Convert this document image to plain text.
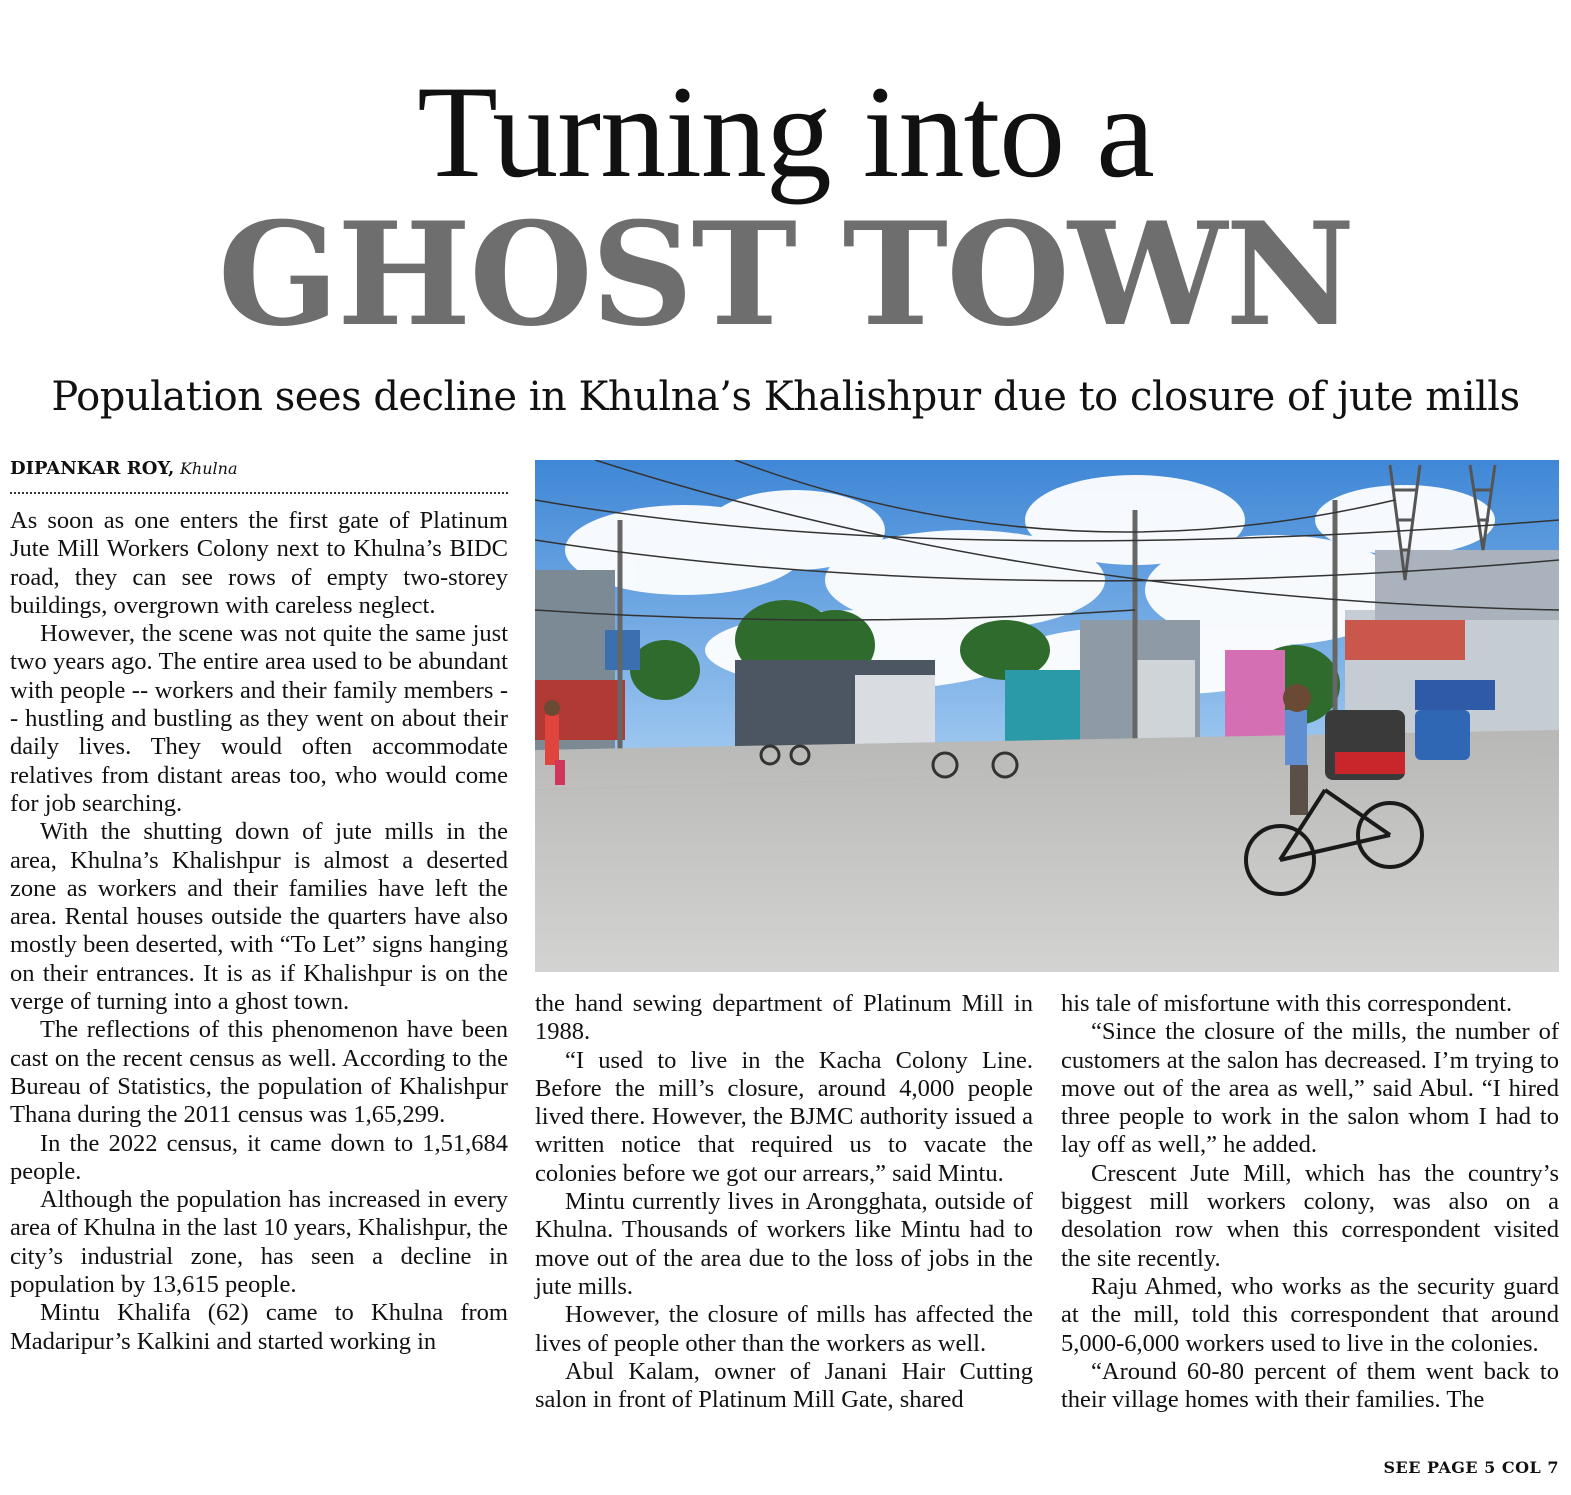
Turning into a
GHOST TOWN
Population sees decline in Khulna’s Khalishpur due to closure of jute mills
DIPANKAR ROY, Khulna

As soon as one enters the first gate of Platinum Jute Mill Workers Colony next to Khulna’s BIDC road, they can see rows of empty two-storey buildings, overgrown with careless neglect.

However, the scene was not quite the same just two years ago. The entire area used to be abundant with people -- workers and their family members -- hustling and bustling as they went on about their daily lives. They would often accommodate relatives from distant areas too, who would come for job searching.

With the shutting down of jute mills in the area, Khulna’s Khalishpur is almost a deserted zone as workers and their families have left the area. Rental houses outside the quarters have also mostly been deserted, with “To Let” signs hanging on their entrances. It is as if Khalishpur is on the verge of turning into a ghost town.

The reflections of this phenomenon have been cast on the recent census as well. According to the Bureau of Statistics, the population of Khalishpur Thana during the 2011 census was 1,65,299.

In the 2022 census, it came down to 1,51,684 people.

Although the population has increased in every area of Khulna in the last 10 years, Khalishpur, the city’s industrial zone, has seen a decline in population by 13,615 people.

Mintu Khalifa (62) came to Khulna from Madaripur’s Kalkini and started working in

the hand sewing department of Platinum Mill in 1988.

“I used to live in the Kacha Colony Line. Before the mill’s closure, around 4,000 people lived there. However, the BJMC authority issued a written notice that required us to vacate the colonies before we got our arrears,” said Mintu.

Mintu currently lives in Arongghata, outside of Khulna. Thousands of workers like Mintu had to move out of the area due to the loss of jobs in the jute mills.

However, the closure of mills has affected the lives of people other than the workers as well.

Abul Kalam, owner of Janani Hair Cutting salon in front of Platinum Mill Gate, shared

his tale of misfortune with this correspondent.

“Since the closure of the mills, the number of customers at the salon has decreased. I’m trying to move out of the area as well,” said Abul. “I hired three people to work in the salon whom I had to lay off as well,” he added.

Crescent Jute Mill, which has the country’s biggest mill workers colony, was also on a desolation row when this correspondent visited the site recently.

Raju Ahmed, who works as the security guard at the mill, told this correspondent that around 5,000-6,000 workers used to live in the colonies.

“Around 60-80 percent of them went back to their village homes with their families. The

SEE PAGE 5 COL 7
